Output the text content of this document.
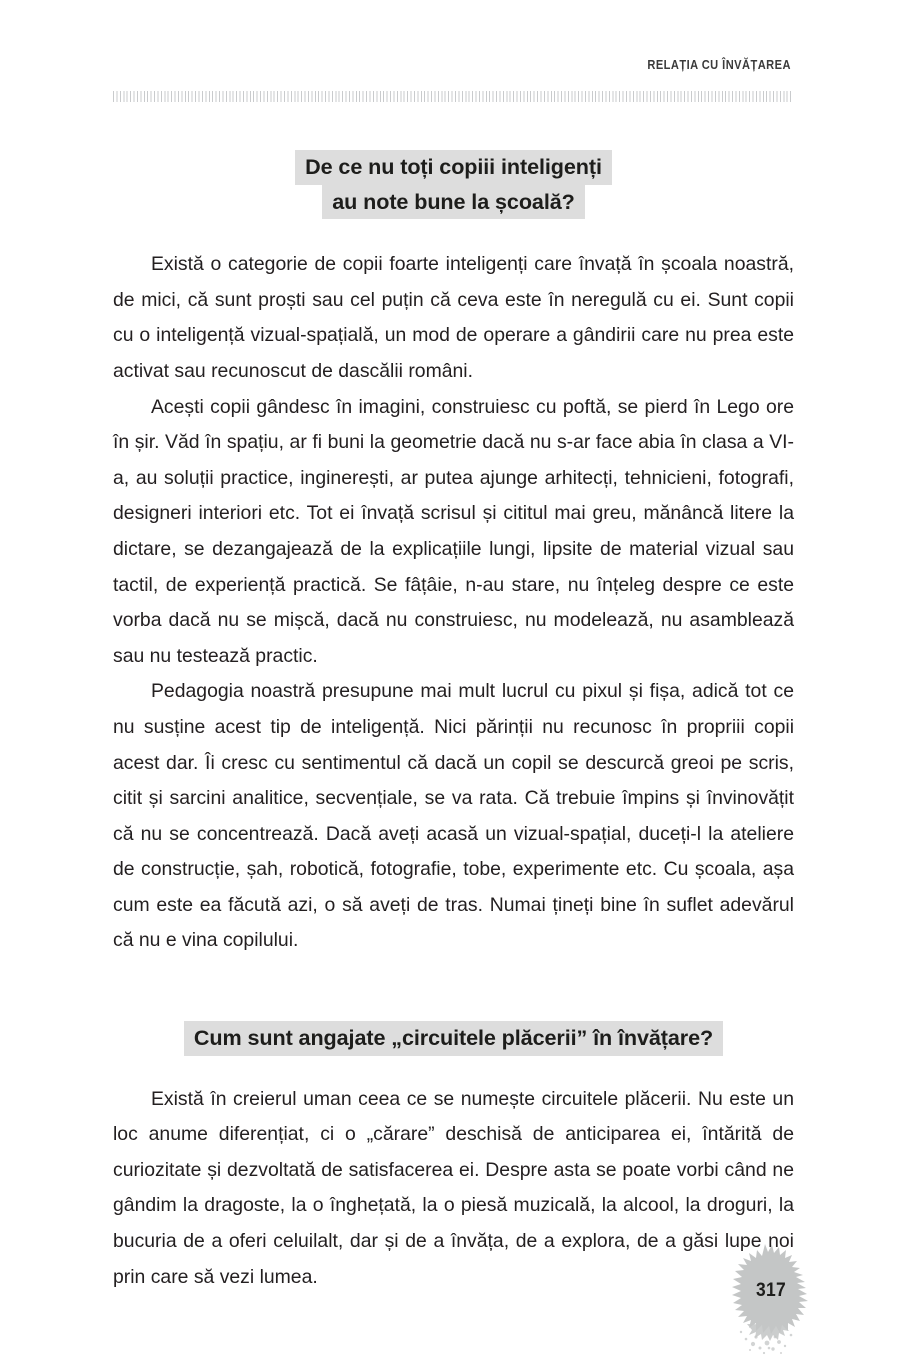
RELAȚIA CU ÎNVĂȚAREA
De ce nu toți copiii inteligenți
au note bune la școală?

Există o categorie de copii foarte inteligenți care învață în școala noastră, de mici, că sunt proști sau cel puțin că ceva este în neregulă cu ei. Sunt copii cu o inteligență vizual-spațială, un mod de operare a gândirii care nu prea este activat sau recunoscut de dascălii români.

Acești copii gândesc în imagini, construiesc cu poftă, se pierd în Lego ore în șir. Văd în spațiu, ar fi buni la geometrie dacă nu s-ar face abia în clasa a VI-a, au soluții practice, inginerești, ar putea ajunge arhitecți, tehnicieni, fotografi, designeri interiori etc. Tot ei învață scrisul și cititul mai greu, mănâncă litere la dictare, se dezangajează de la explicațiile lungi, lipsite de material vizual sau tactil, de experiență practică. Se fâțâie, n-au stare, nu înțeleg despre ce este vorba dacă nu se mișcă, dacă nu construiesc, nu modelează, nu asamblează sau nu testează practic.

Pedagogia noastră presupune mai mult lucrul cu pixul și fișa, adică tot ce nu susține acest tip de inteligență. Nici părinții nu recunosc în propriii copii acest dar. Îi cresc cu sentimentul că dacă un copil se descurcă greoi pe scris, citit și sarcini analitice, secvențiale, se va rata. Că trebuie împins și învinovățit că nu se concentrează. Dacă aveți acasă un vizual-spațial, duceți-l la ateliere de construcție, șah, robotică, fotografie, tobe, experimente etc. Cu școala, așa cum este ea făcută azi, o să aveți de tras. Numai țineți bine în suflet adevărul că nu e vina copilului.

Cum sunt angajate „circuitele plăcerii” în învățare?

Există în creierul uman ceea ce se numește circuitele plăcerii. Nu este un loc anume diferențiat, ci o „cărare” deschisă de anticiparea ei, întărită de curiozitate și dezvoltată de satisfacerea ei. Despre asta se poate vorbi când ne gândim la dragoste, la o înghețată, la o piesă muzicală, la alcool, la droguri, la bucuria de a oferi celuilalt, dar și de a învăța, de a explora, de a găsi lupe noi prin care să vezi lumea.

317
